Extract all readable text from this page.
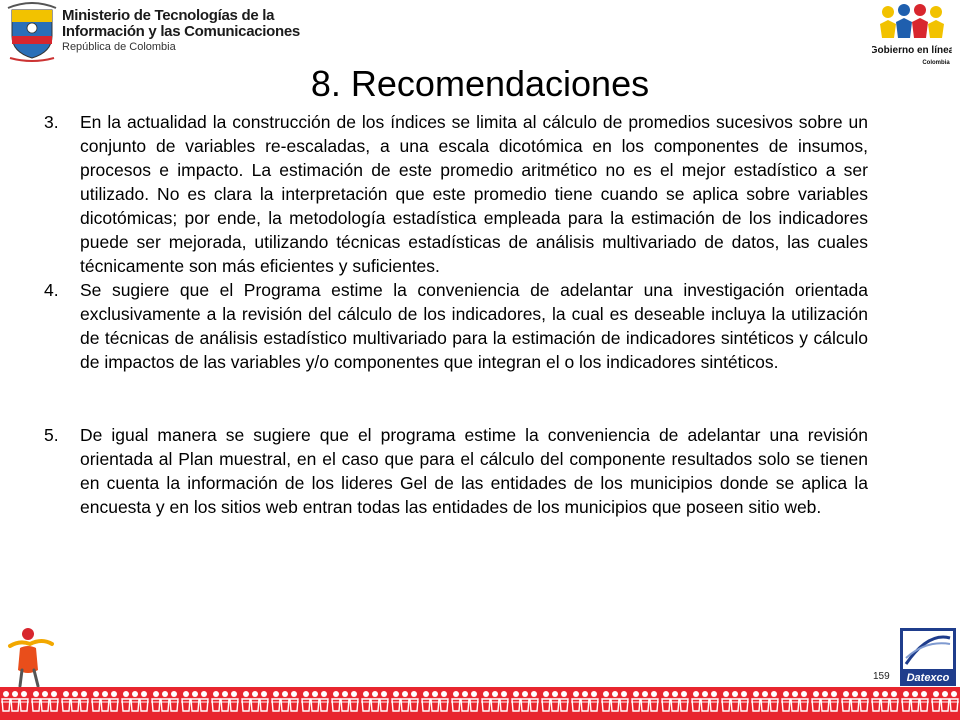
Ministerio de Tecnologías de la
Información y las Comunicaciones
República de Colombia	Gobierno en línea
Colombia
8. Recomendaciones
3.	En la actualidad la construcción de los índices se limita al cálculo de promedios sucesivos sobre un conjunto de variables re-escaladas, a una escala dicotómica en los componentes de insumos, procesos e impacto. La estimación de este promedio aritmético no es el mejor estadístico a ser utilizado. No es clara la interpretación que este promedio tiene cuando se aplica sobre variables dicotómicas; por ende, la metodología estadística empleada para la estimación de los indicadores puede ser mejorada, utilizando técnicas estadísticas de análisis multivariado de datos, las cuales técnicamente son más eficientes y suficientes.
4. Se sugiere que el Programa estime la conveniencia de adelantar una investigación orientada exclusivamente a la revisión del cálculo de los indicadores, la cual es deseable incluya la utilización de técnicas de análisis estadístico multivariado para la estimación de indicadores sintéticos y cálculo de impactos de las variables y/o componentes que integran el o los indicadores sintéticos.
5. De igual manera se sugiere que el programa estime la conveniencia de adelantar una revisión orientada al Plan muestral, en el caso que para el cálculo del componente resultados solo se tienen en cuenta la información de los lideres Gel de las entidades de los municipios donde se aplica la encuesta y en los sitios web entran todas las entidades de los municipios que poseen sitio web.
159 Datexco
